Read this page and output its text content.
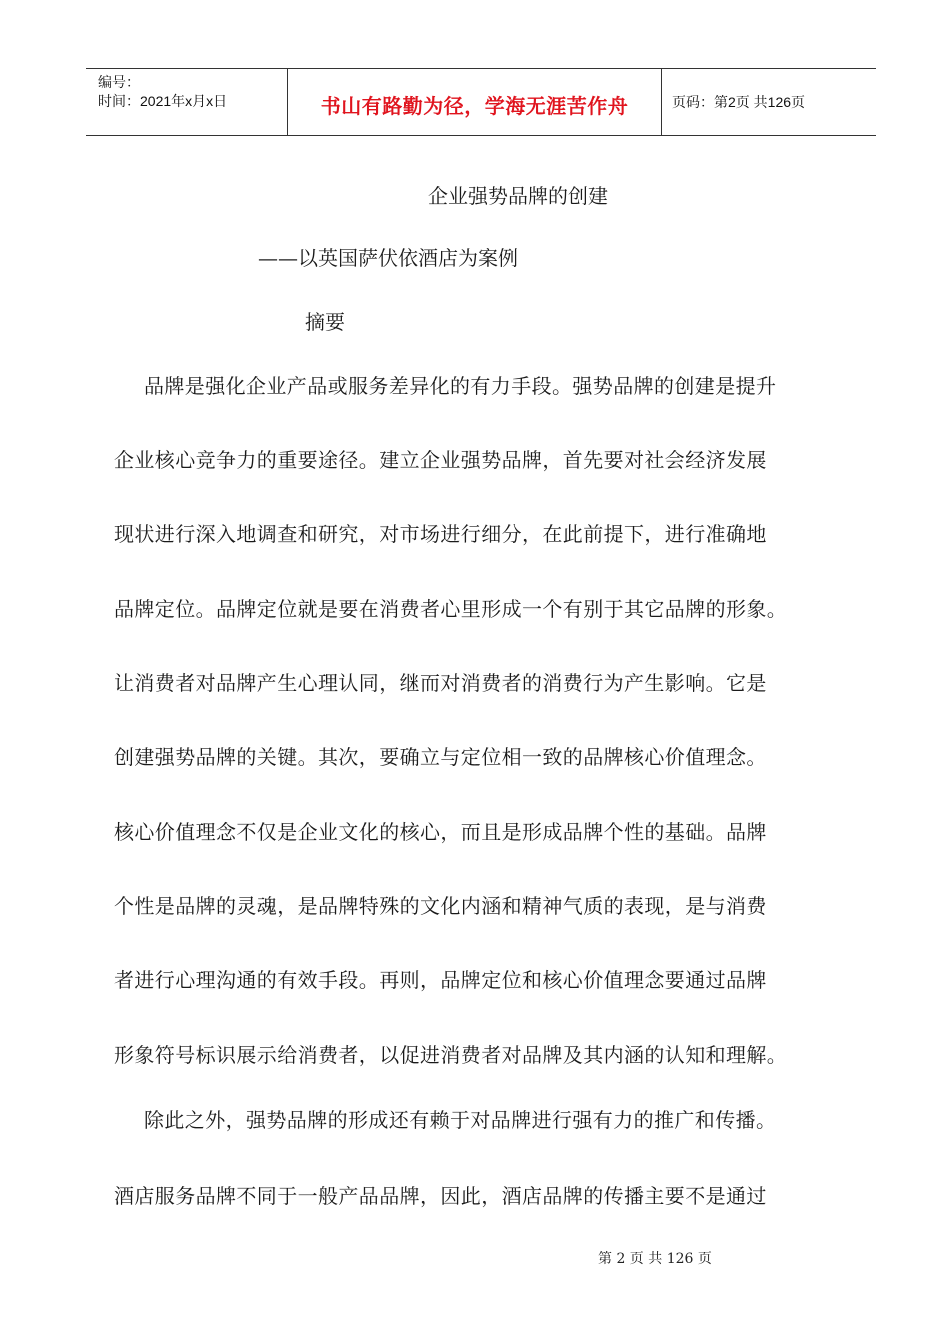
编号：
时间：2021年x月x日	书山有路勤为径，学海无涯苦作舟	页码：第2页 共126页
企业强势品牌的创建
——以英国萨伏依酒店为案例
摘要
品牌是强化企业产品或服务差异化的有力手段。强势品牌的创建是提升
企业核心竞争力的重要途径。建立企业强势品牌，首先要对社会经济发展
现状进行深入地调查和研究，对市场进行细分，在此前提下，进行准确地
品牌定位。品牌定位就是要在消费者心里形成一个有别于其它品牌的形象。
让消费者对品牌产生心理认同，继而对消费者的消费行为产生影响。它是
创建强势品牌的关键。其次，要确立与定位相一致的品牌核心价值理念。
核心价值理念不仅是企业文化的核心，而且是形成品牌个性的基础。品牌
个性是品牌的灵魂，是品牌特殊的文化内涵和精神气质的表现，是与消费
者进行心理沟通的有效手段。再则，品牌定位和核心价值理念要通过品牌
形象符号标识展示给消费者，以促进消费者对品牌及其内涵的认知和理解。
除此之外，强势品牌的形成还有赖于对品牌进行强有力的推广和传播。
酒店服务品牌不同于一般产品品牌，因此，酒店品牌的传播主要不是通过
第 2 页 共 126 页
